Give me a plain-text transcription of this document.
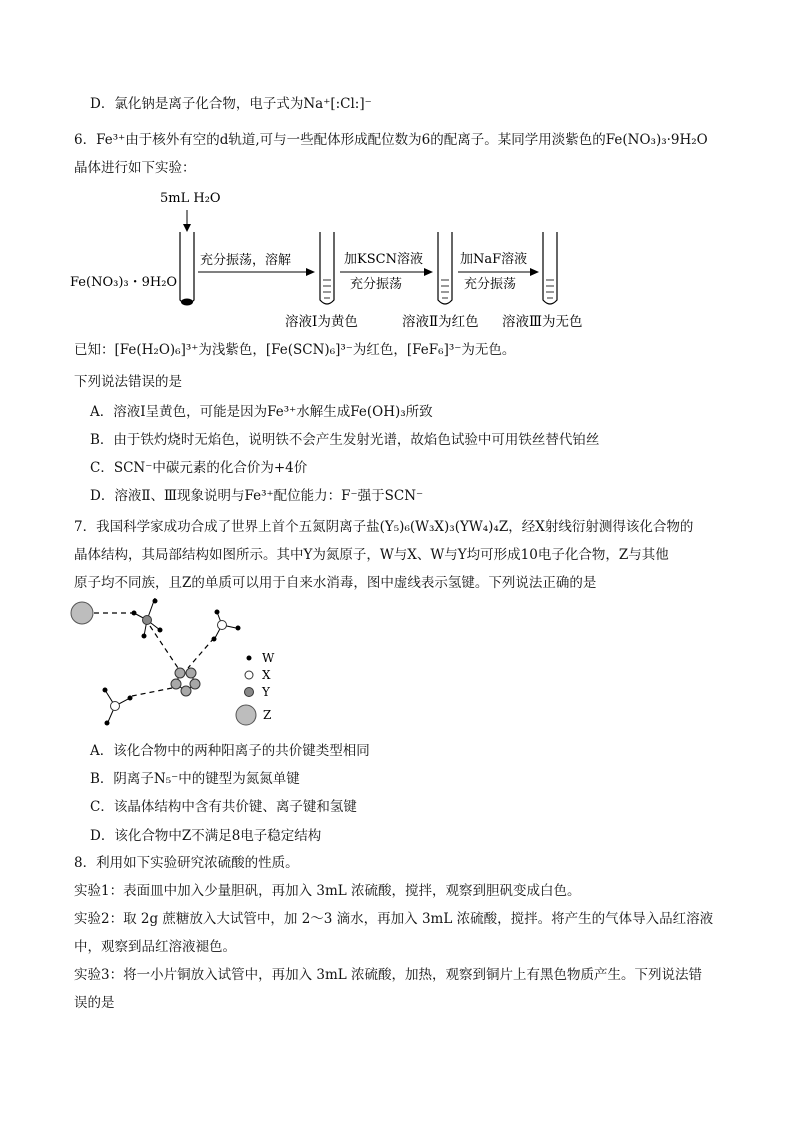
D．氯化钠是离子化合物，电子式为Na⁺[:Cl:]⁻
6．Fe³⁺由于核外有空的d轨道,可与一些配体形成配位数为6的配离子。某同学用淡紫色的Fe(NO₃)₃·9H₂O
晶体进行如下实验：
5mL H₂O
Fe(NO₃)₃・9H₂O
充分振荡，溶解	加KSCN溶液
充分振荡
加NaF溶液
充分振荡
溶液Ⅰ为黄色	溶液Ⅱ为红色 溶液Ⅲ为无色
已知：[Fe(H₂O)₆]³⁺为浅紫色，[Fe(SCN)₆]³⁻为红色，[FeF₆]³⁻为无色。
下列说法错误的是
A．溶液Ⅰ呈黄色，可能是因为Fe³⁺水解生成Fe(OH)₃所致
B．由于铁灼烧时无焰色，说明铁不会产生发射光谱，故焰色试验中可用铁丝替代铂丝
C．SCN⁻中碳元素的化合价为+4价
D．溶液Ⅱ、Ⅲ现象说明与Fe³⁺配位能力：F⁻强于SCN⁻
7．我国科学家成功合成了世界上首个五氮阴离子盐(Y₅)₆(W₃X)₃(YW₄)₄Z，经X射线衍射测得该化合物的
晶体结构，其局部结构如图所示。其中Y为氮原子，W与X、W与Y均可形成10电子化合物，Z与其他
原子均不同族，且Z的单质可以用于自来水消毒，图中虚线表示氢键。下列说法正确的是
W
X
Y
Z
A．该化合物中的两种阳离子的共价键类型相同
B．阴离子N₅⁻中的键型为氮氮单键
C．该晶体结构中含有共价键、离子键和氢键
D．该化合物中Z不满足8电子稳定结构
8．利用如下实验研究浓硫酸的性质。
实验1：表面皿中加入少量胆矾，再加入 3mL 浓硫酸，搅拌，观察到胆矾变成白色。
实验2：取 2g 蔗糖放入大试管中，加 2～3 滴水，再加入 3mL 浓硫酸，搅拌。将产生的气体导入品红溶液
中，观察到品红溶液褪色。
实验3：将一小片铜放入试管中，再加入 3mL 浓硫酸，加热，观察到铜片上有黑色物质产生。下列说法错
误的是
